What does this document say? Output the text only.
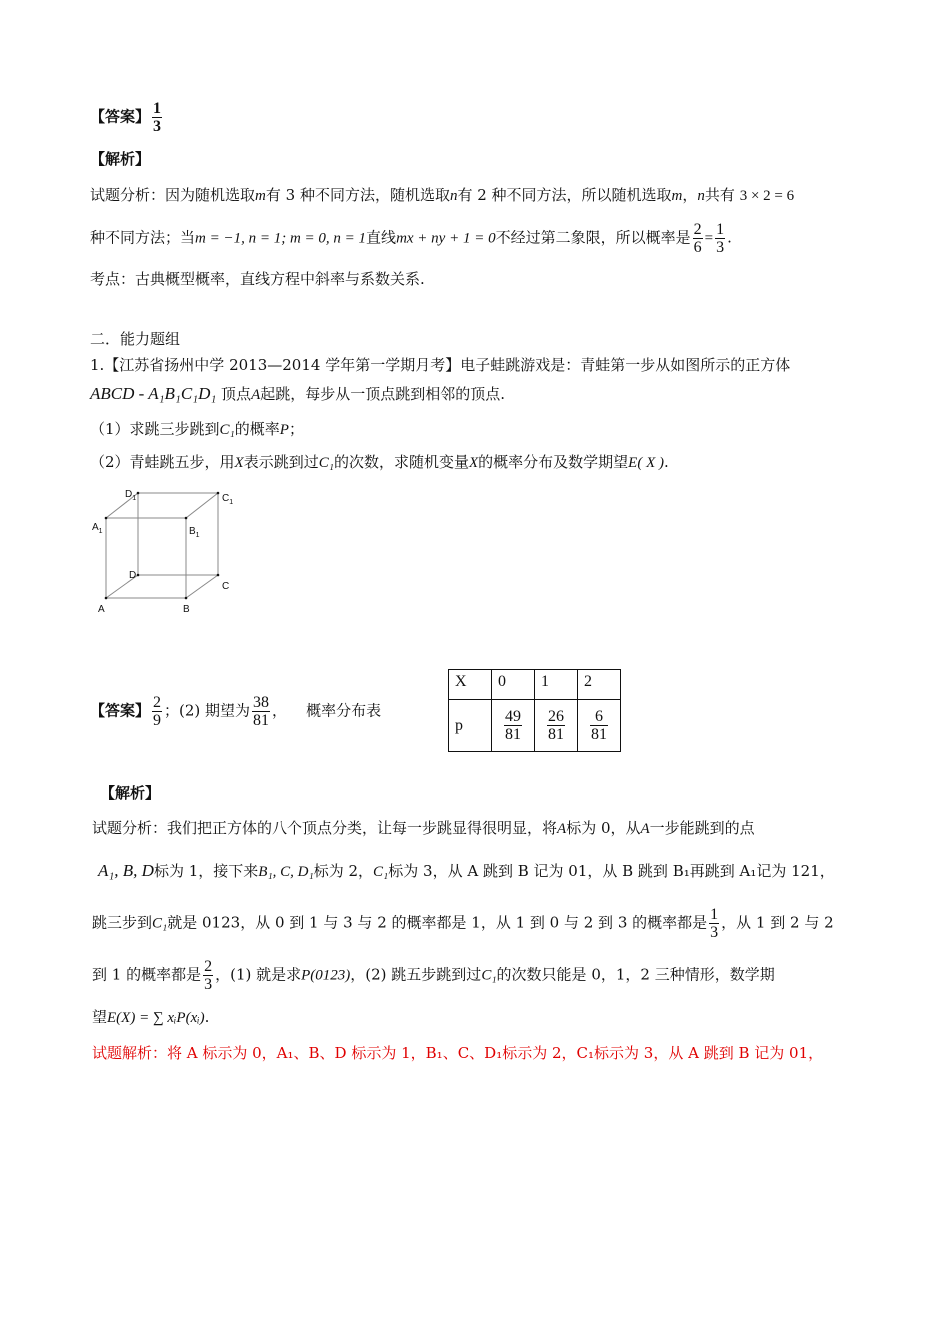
【答案】 $\frac{1}{3}$
【解析】
试题分析：因为随机选取m有 3 种不同方法，随机选取n有 2 种不同方法，所以随机选取m，n共有 3 × 2 = 6
种不同方法；当m = −1, n = 1; m = 0, n = 1直线mx + ny + 1 = 0不经过第二象限，所以概率是 $\frac{2}{6} = \frac{1}{3}$ .
考点：古典概型概率，直线方程中斜率与系数关系.
二．能力题组
1.【江苏省扬州中学 2013—2014 学年第一学期月考】电子蛙跳游戏是：青蛙第一步从如图所示的正方体
ABCD - A₁B₁C₁D₁ 顶点A起跳，每步从一顶点跳到相邻的顶点.
（1）求跳三步跳到C₁的概率P；
（2）青蛙跳五步，用X表示跳到过C₁的次数，求随机变量X的概率分布及数学期望E( X ).
A	B
C
D
$A_1$	$B_1$
$C_1$
$D_1$
【答案】 $\frac{2}{9}$ ；(2) 期望为 $\frac{38}{81}$ ，    概率分布表
X	0	1	2
p	$\frac{49}{81}$	$\frac{26}{81}$	$\frac{6}{81}$
【解析】
试题分析：我们把正方体的八个顶点分类，让每一步跳显得很明显，将A标为 0，从A一步能跳到的点
A₁, B, D标为 1，接下来B₁, C, D₁标为 2，C₁标为 3，从 A 跳到 B 记为 01，从 B 跳到 B₁再跳到 A₁记为 121，
跳三步到C₁就是 0123，从 0 到 1 与 3 与 2 的概率都是 1，从 1 到 0 与 2 到 3 的概率都是 $\frac{1}{3}$ ，从 1 到 2 与 2
到 1 的概率都是 $\frac{2}{3}$ ，(1) 就是求P(0123)，(2) 跳五步跳到过C₁的次数只能是 0，1，2 三种情形，数学期
望E(X) = ∑ xᵢP(xᵢ).
试题解析：将 A 标示为 0，A₁、B、D 标示为 1，B₁、C、D₁标示为 2，C₁标示为 3，从 A 跳到 B 记为 01，
